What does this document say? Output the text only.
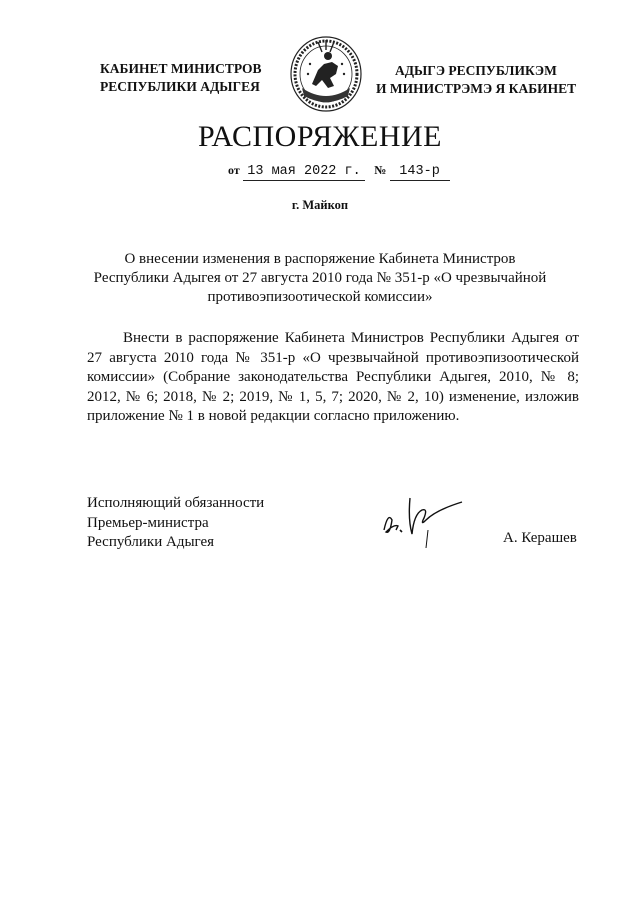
КАБИНЕТ МИНИСТРОВ
РЕСПУБЛИКИ АДЫГЕЯ
АДЫГЭ РЕСПУБЛИКЭМ
И МИНИСТРЭМЭ Я КАБИНЕТ
РАСПОРЯЖЕНИЕ
от 13 мая 2022 г. № 143-р
г. Майкоп
О внесении изменения в распоряжение Кабинета Министров
Республики Адыгея от 27 августа 2010 года № 351-р «О чрезвычайной
противоэпизоотической комиссии»

Внести в распоряжение Кабинета Министров Республики Адыгея от 27 августа 2010 года № 351-р «О чрезвычайной противоэпизоотической комиссии» (Собрание законодательства Республики Адыгея, 2010, № 8; 2012, № 6; 2018, № 2; 2019, № 1, 5, 7; 2020, № 2, 10) изменение, изложив приложение № 1 в новой редакции согласно приложению.

Исполняющий обязанности
Премьер-министра
Республики Адыгея	А. Керашев
